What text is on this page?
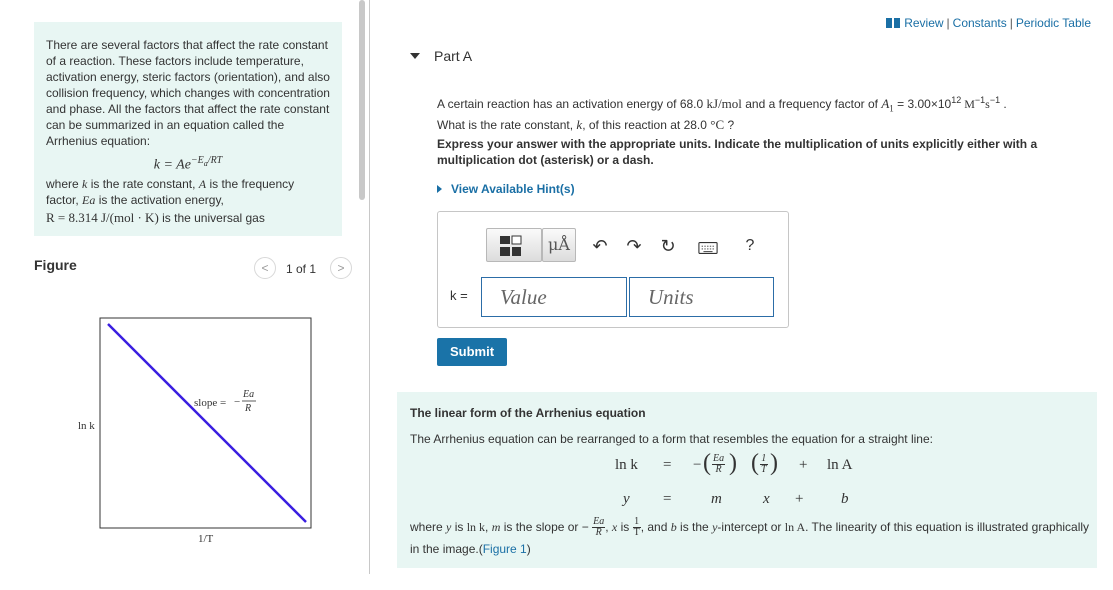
There are several factors that affect the rate constant of a reaction. These factors include temperature, activation energy, steric factors (orientation), and also collision frequency, which changes with concentration and phase. All the factors that affect the rate constant can be summarized in an equation called the Arrhenius equation:

$k = Ae^{-E_a/RT}$

where k is the rate constant, A is the frequency factor, Ea is the activation energy,

R = 8.314 J/(mol · K) is the universal gas

Figure	<	1 of 1	>
ln k
1/T
slope = −
Ea
R
Review | Constants | Periodic Table
Part A
A certain reaction has an activation energy of 68.0 kJ/mol and a frequency factor of $A_1 = 3.00\times 10^{12}$ $M^{-1}s^{-1}$ .
What is the rate constant, k, of this reaction at 28.0 °C ?
Express your answer with the appropriate units. Indicate the multiplication of units explicitly either with a multiplication dot (asterisk) or a dash.
View Available Hint(s)
μÅ	↶ ↷ ↻	?
k =	Value	Units
Submit
The linear form of the Arrhenius equation
The Arrhenius equation can be rearranged to a form that resembles the equation for a straight line:
ln k = − ( $\frac{Ea}{R}$ ) ( $\frac{1}{T}$ ) + ln A
y =	m	x +	b
where y is ln k, m is the slope or − $\frac{Ea}{R}$ , x is $\frac{1}{T}$ , and b is the y-intercept or ln A. The linearity of this equation is illustrated graphically in the image.(Figure 1)
